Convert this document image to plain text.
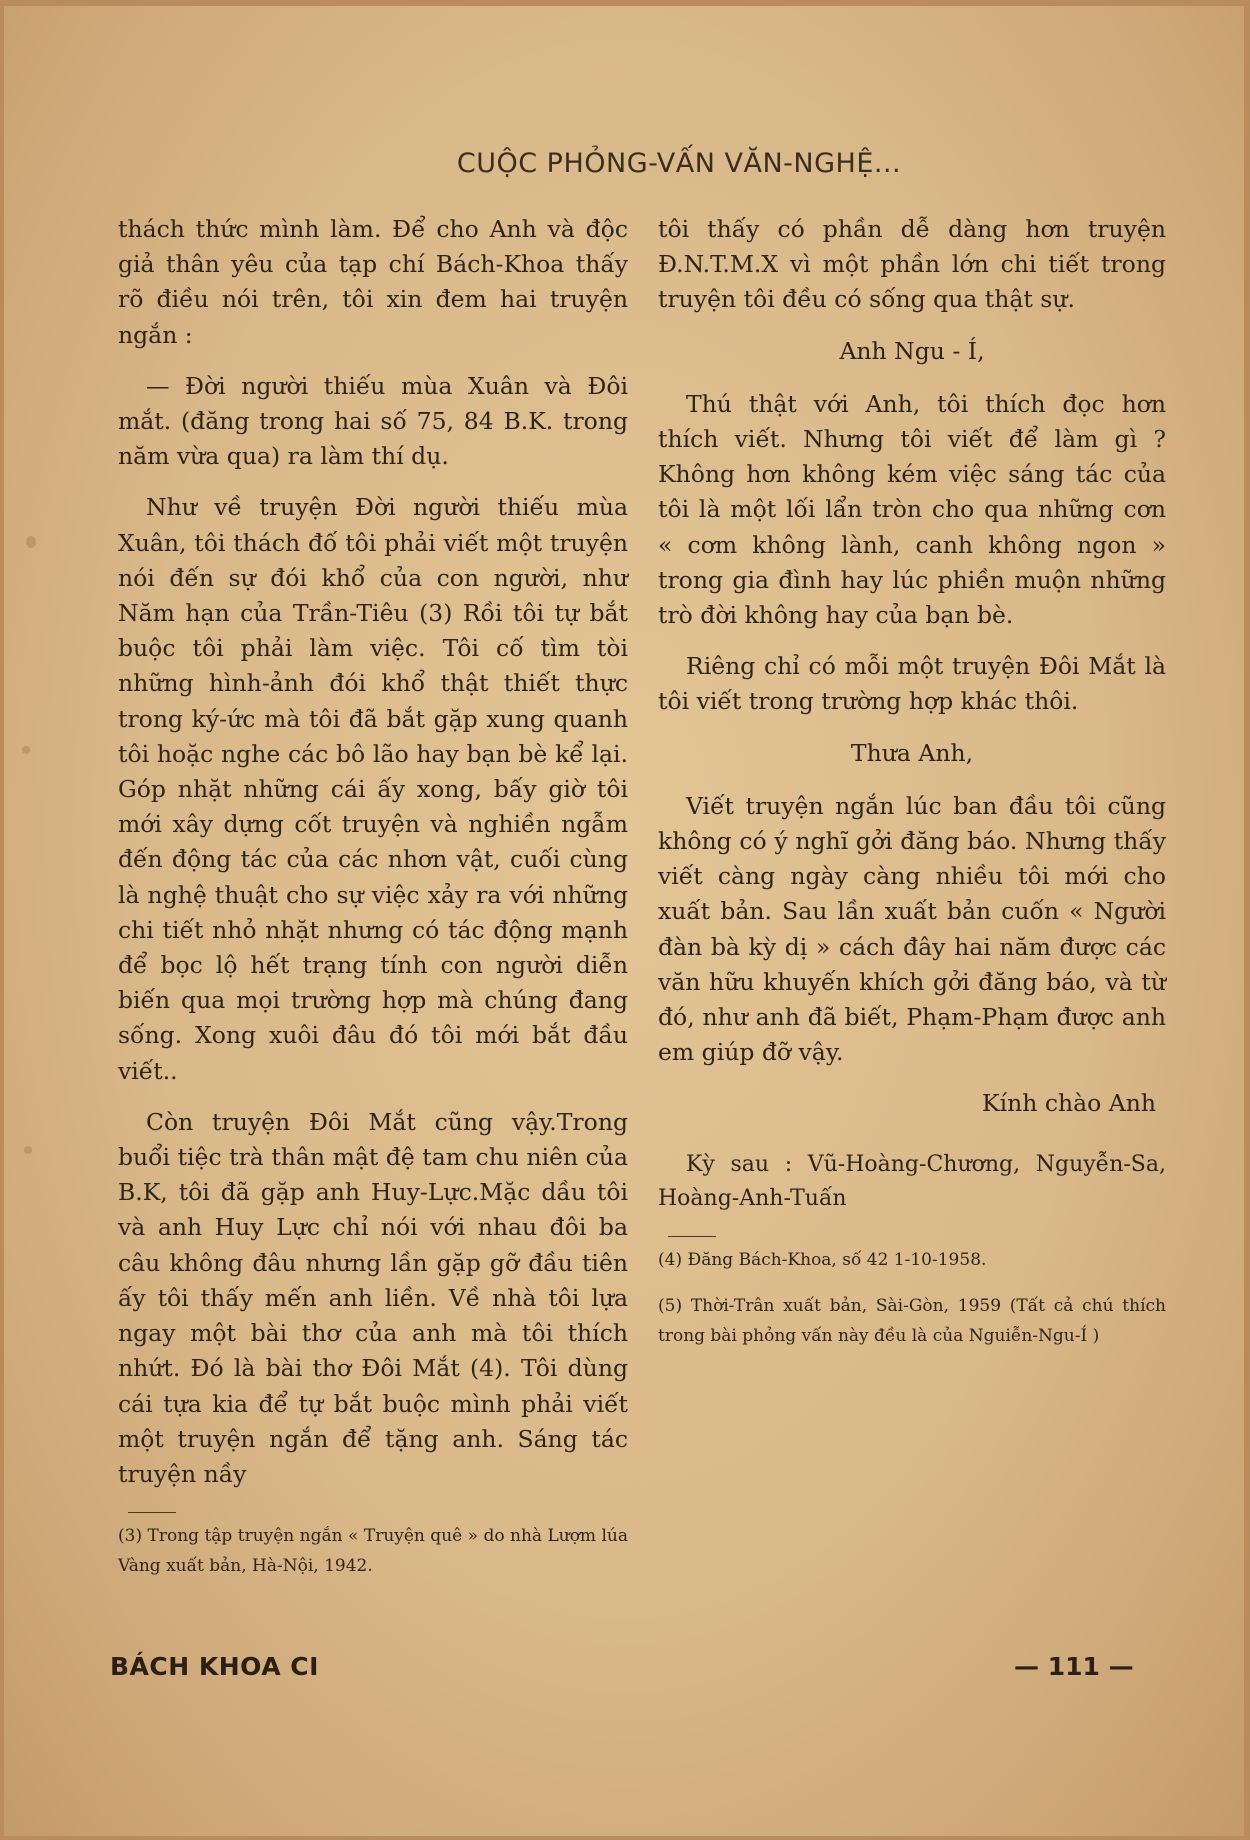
CUỘC PHỎNG-VẤN VĂN-NGHỆ...

thách thức mình làm. Để cho Anh và độc giả thân yêu của tạp chí Bách-Khoa thấy rõ điều nói trên, tôi xin đem hai truyện ngắn :

— Đời người thiếu mùa Xuân và Đôi mắt. (đăng trong hai số 75, 84 B.K. trong năm vừa qua) ra làm thí dụ.

Như về truyện Đời người thiếu mùa Xuân, tôi thách đố tôi phải viết một truyện nói đến sự đói khổ của con người, như Năm hạn của Trần-Tiêu (3) Rồi tôi tự bắt buộc tôi phải làm việc. Tôi cố tìm tòi những hình-ảnh đói khổ thật thiết thực trong ký-ức mà tôi đã bắt gặp xung quanh tôi hoặc nghe các bô lão hay bạn bè kể lại. Góp nhặt những cái ấy xong, bấy giờ tôi mới xây dựng cốt truyện và nghiền ngẫm đến động tác của các nhơn vật, cuối cùng là nghệ thuật cho sự việc xảy ra với những chi tiết nhỏ nhặt nhưng có tác động mạnh để bọc lộ hết trạng tính con người diễn biến qua mọi trường hợp mà chúng đang sống. Xong xuôi đâu đó tôi mới bắt đầu viết..

Còn truyện Đôi Mắt cũng vậy.Trong buổi tiệc trà thân mật đệ tam chu niên của B.K, tôi đã gặp anh Huy-Lực.Mặc dầu tôi và anh Huy Lực chỉ nói với nhau đôi ba câu không đâu nhưng lần gặp gỡ đầu tiên ấy tôi thấy mến anh liền. Về nhà tôi lựa ngay một bài thơ của anh mà tôi thích nhứt. Đó là bài thơ Đôi Mắt (4). Tôi dùng cái tựa kia để tự bắt buộc mình phải viết một truyện ngắn để tặng anh. Sáng tác truyện nầy

(3) Trong tập truyện ngắn « Truyện quê » do nhà Lượm lúa Vàng xuất bản, Hà-Nội, 1942.

tôi thấy có phần dễ dàng hơn truyện Đ.N.T.M.X vì một phần lớn chi tiết trong truyện tôi đều có sống qua thật sự.

Anh Ngu - Í,

Thú thật với Anh, tôi thích đọc hơn thích viết. Nhưng tôi viết để làm gì ? Không hơn không kém việc sáng tác của tôi là một lối lẩn tròn cho qua những cơn « cơm không lành, canh không ngon » trong gia đình hay lúc phiền muộn những trò đời không hay của bạn bè.

Riêng chỉ có mỗi một truyện Đôi Mắt là tôi viết trong trường hợp khác thôi.

Thưa Anh,

Viết truyện ngắn lúc ban đầu tôi cũng không có ý nghĩ gởi đăng báo. Nhưng thấy viết càng ngày càng nhiều tôi mới cho xuất bản. Sau lần xuất bản cuốn « Người đàn bà kỳ dị » cách đây hai năm được các văn hữu khuyến khích gởi đăng báo, và từ đó, như anh đã biết, Phạm-Phạm được anh em giúp đỡ vậy.

Kính chào Anh

Kỳ sau : Vũ-Hoàng-Chương, Nguyễn-Sa, Hoàng-Anh-Tuấn

(4) Đăng Bách-Khoa, số 42 1-10-1958.

(5) Thời-Trân xuất bản, Sài-Gòn, 1959 (Tất cả chú thích trong bài phỏng vấn này đều là của Nguiễn-Ngu-Í )

BÁCH KHOA CI	— 111 —
